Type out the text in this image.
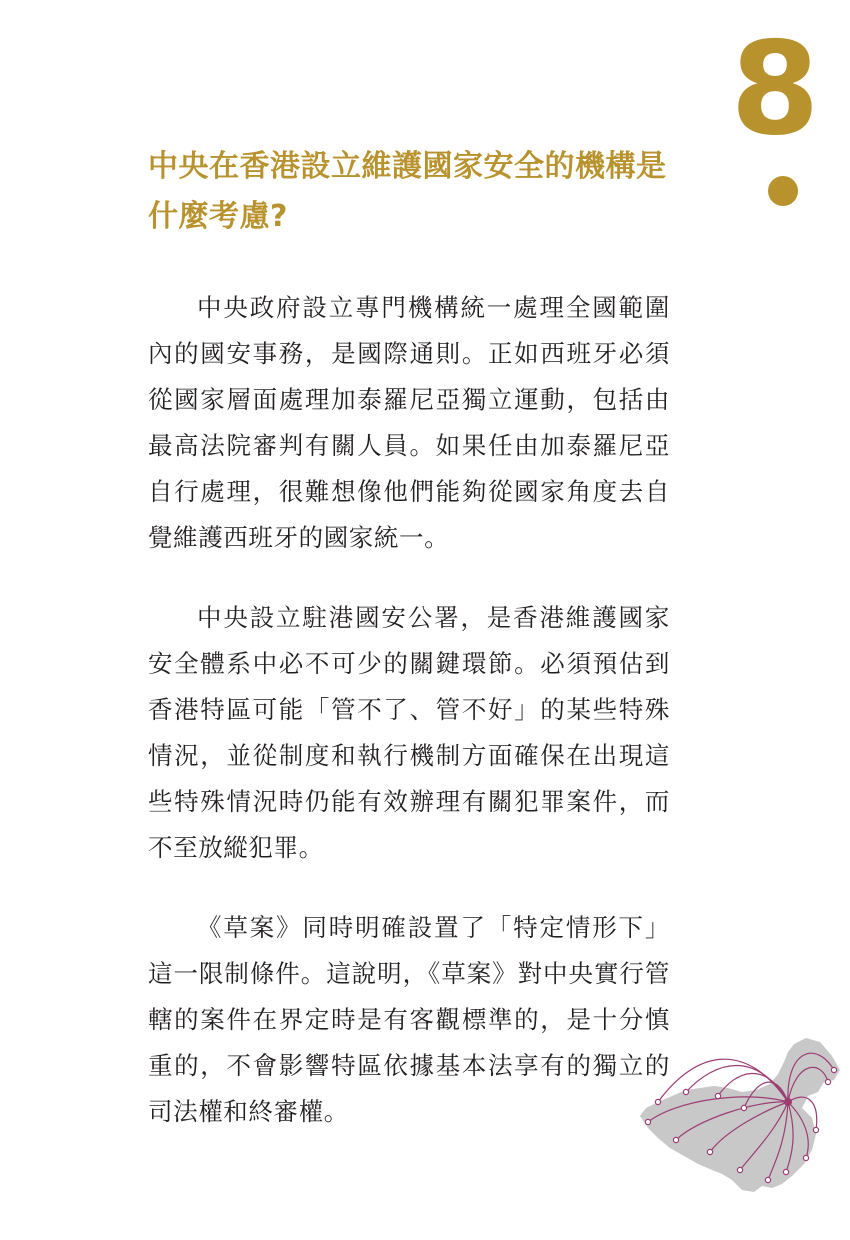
8
中央在香港設立維護國家安全的機構是什麼考慮?

中央政府設立專門機構統一處理全國範圍內的國安事務，是國際通則。正如西班牙必須從國家層面處理加泰羅尼亞獨立運動，包括由最高法院審判有關人員。如果任由加泰羅尼亞自行處理，很難想像他們能夠從國家角度去自覺維護西班牙的國家統一。

中央設立駐港國安公署，是香港維護國家安全體系中必不可少的關鍵環節。必須預估到香港特區可能「管不了、管不好」的某些特殊情況，並從制度和執行機制方面確保在出現這些特殊情況時仍能有效辦理有關犯罪案件，而不至放縱犯罪。

《草案》同時明確設置了「特定情形下」這一限制條件。這說明，《草案》對中央實行管轄的案件在界定時是有客觀標準的，是十分慎重的，不會影響特區依據基本法享有的獨立的司法權和終審權。
